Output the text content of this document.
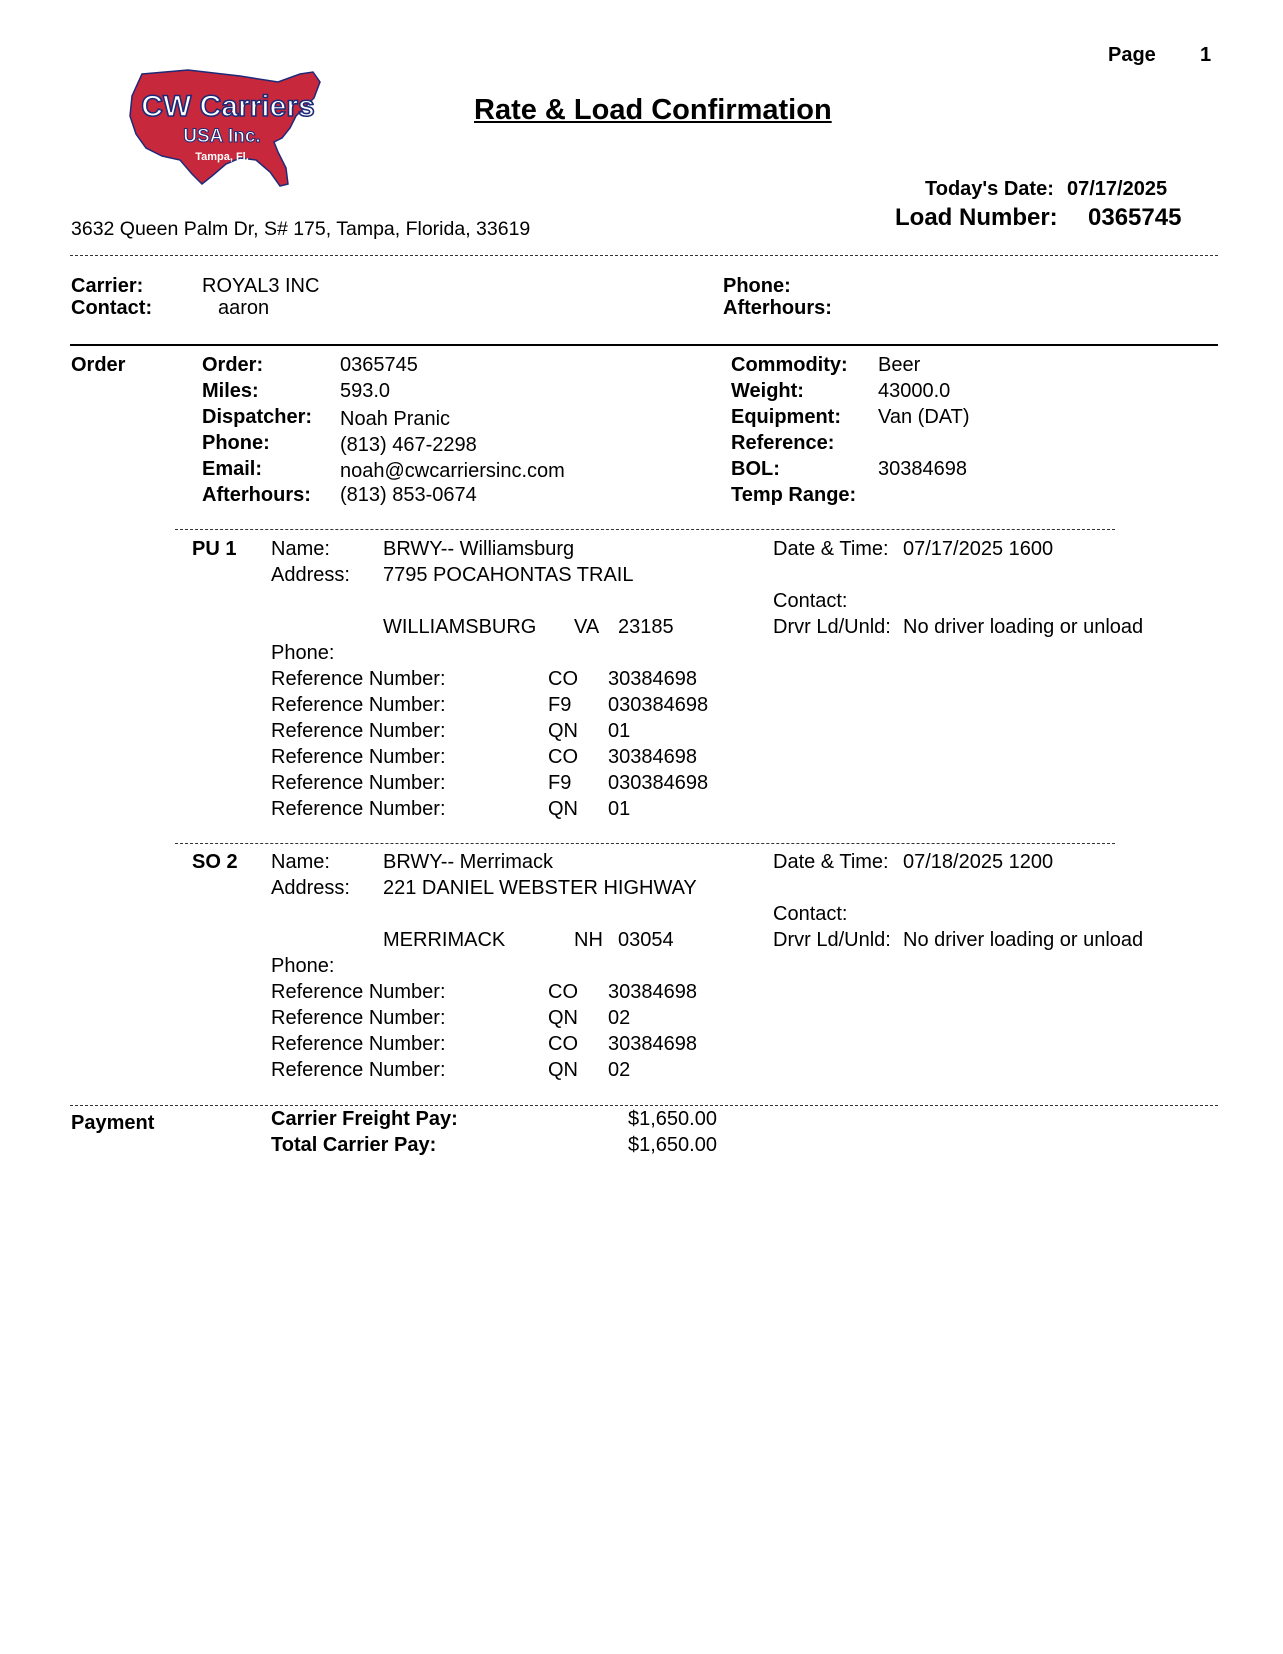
Page 1
CW Carriers
USA Inc.
Tampa, Fl.
Rate & Load Confirmation
Today's Date: 07/17/2025
Load Number: 0365745
3632 Queen Palm Dr, S# 175, Tampa, Florida, 33619
Carrier:	ROYAL3 INC
Contact:	aaron
Phone:
Afterhours:
Order	Order:	0365745
Miles:	593.0
Dispatcher: Noah Pranic
Phone:	(813) 467-2298
Email:	noah@cwcarriersinc.com
Afterhours: (813) 853-0674
Commodity: Beer
Weight:	43000.0
Equipment: Van (DAT)
Reference:
BOL:	30384698
Temp Range:
PU 1 Name:	BRWY-- Williamsburg
Address: 7795 POCAHONTAS TRAIL
WILLIAMSBURG VA 23185
Phone:
Date & Time: 07/17/2025 1600
Contact:
Drvr Ld/Unld: No driver loading or unload
Reference Number:	CO 30384698
Reference Number:	F9 030384698
Reference Number:	QN 01
Reference Number:	CO 30384698
Reference Number:	F9 030384698
Reference Number:	QN 01
SO 2 Name:	BRWY-- Merrimack
Address: 221 DANIEL WEBSTER HIGHWAY
MERRIMACK	NH 03054
Phone:
Date & Time: 07/18/2025 1200
Contact:
Drvr Ld/Unld: No driver loading or unload
Reference Number:	CO 30384698
Reference Number:	QN 02
Reference Number:	CO 30384698
Reference Number:	QN 02
Payment	Carrier Freight Pay:	$1,650.00
Total Carrier Pay:	$1,650.00
